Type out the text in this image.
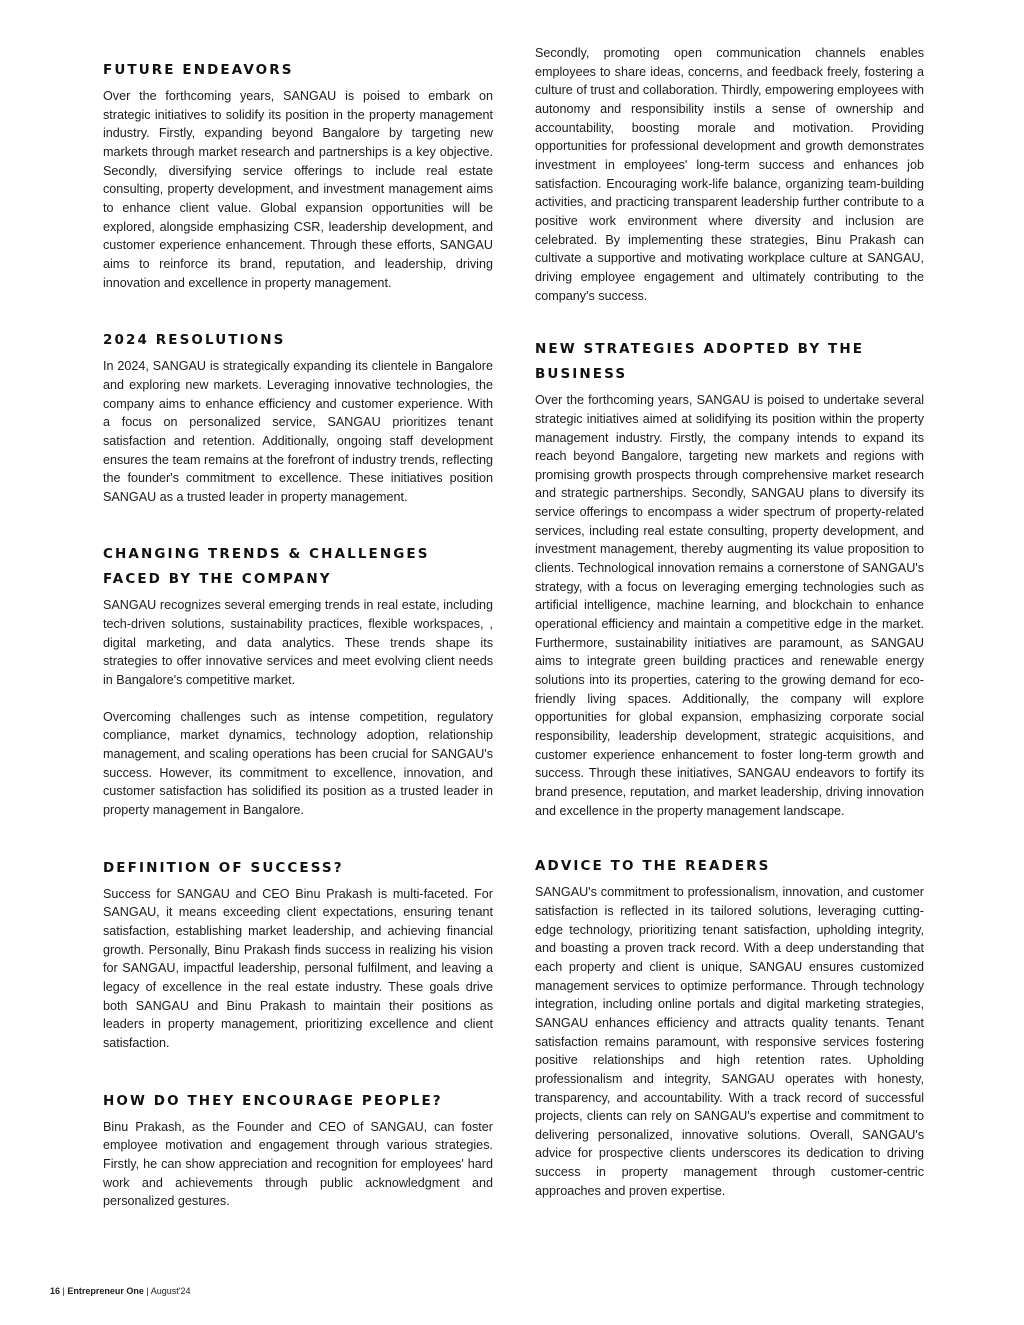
FUTURE ENDEAVORS

Over the forthcoming years, SANGAU is poised to embark on strategic initiatives to solidify its position in the property management industry. Firstly, expanding beyond Bangalore by targeting new markets through market research and partnerships is a key objective. Secondly, diversifying service offerings to include real estate consulting, property development, and investment management aims to enhance client value. Global expansion opportunities will be explored, alongside emphasizing CSR, leadership development, and customer experience enhancement. Through these efforts, SANGAU aims to reinforce its brand, reputation, and leadership, driving innovation and excellence in property management.

2024 RESOLUTIONS

In 2024, SANGAU is strategically expanding its clientele in Bangalore and exploring new markets. Leveraging innovative technologies, the company aims to enhance efficiency and customer experience. With a focus on personalized service, SANGAU prioritizes tenant satisfaction and retention. Additionally, ongoing staff development ensures the team remains at the forefront of industry trends, reflecting the founder's commitment to excellence. These initiatives position SANGAU as a trusted leader in property management.

CHANGING TRENDS & CHALLENGES FACED BY THE COMPANY

SANGAU recognizes several emerging trends in real estate, including tech-driven solutions, sustainability practices, flexible workspaces, , digital marketing, and data analytics. These trends shape its strategies to offer innovative services and meet evolving client needs in Bangalore's competitive market.

Overcoming challenges such as intense competition, regulatory compliance, market dynamics, technology adoption, relationship management, and scaling operations has been crucial for SANGAU's success. However, its commitment to excellence, innovation, and customer satisfaction has solidified its position as a trusted leader in property management in Bangalore.

DEFINITION OF SUCCESS?

Success for SANGAU and CEO Binu Prakash is multi-faceted. For SANGAU, it means exceeding client expectations, ensuring tenant satisfaction, establishing market leadership, and achieving financial growth. Personally, Binu Prakash finds success in realizing his vision for SANGAU, impactful leadership, personal fulfilment, and leaving a legacy of excellence in the real estate industry. These goals drive both SANGAU and Binu Prakash to maintain their positions as leaders in property management, prioritizing excellence and client satisfaction.

HOW DO THEY ENCOURAGE PEOPLE?

Binu Prakash, as the Founder and CEO of SANGAU, can foster employee motivation and engagement through various strategies. Firstly, he can show appreciation and recognition for employees' hard work and achievements through public acknowledgment and personalized gestures.

Secondly, promoting open communication channels enables employees to share ideas, concerns, and feedback freely, fostering a culture of trust and collaboration. Thirdly, empowering employees with autonomy and responsibility instils a sense of ownership and accountability, boosting morale and motivation. Providing opportunities for professional development and growth demonstrates investment in employees' long-term success and enhances job satisfaction. Encouraging work-life balance, organizing team-building activities, and practicing transparent leadership further contribute to a positive work environment where diversity and inclusion are celebrated. By implementing these strategies, Binu Prakash can cultivate a supportive and motivating workplace culture at SANGAU, driving employee engagement and ultimately contributing to the company's success.

NEW STRATEGIES ADOPTED BY THE BUSINESS

Over the forthcoming years, SANGAU is poised to undertake several strategic initiatives aimed at solidifying its position within the property management industry. Firstly, the company intends to expand its reach beyond Bangalore, targeting new markets and regions with promising growth prospects through comprehensive market research and strategic partnerships. Secondly, SANGAU plans to diversify its service offerings to encompass a wider spectrum of property-related services, including real estate consulting, property development, and investment management, thereby augmenting its value proposition to clients. Technological innovation remains a cornerstone of SANGAU's strategy, with a focus on leveraging emerging technologies such as artificial intelligence, machine learning, and blockchain to enhance operational efficiency and maintain a competitive edge in the market. Furthermore, sustainability initiatives are paramount, as SANGAU aims to integrate green building practices and renewable energy solutions into its properties, catering to the growing demand for eco-friendly living spaces. Additionally, the company will explore opportunities for global expansion, emphasizing corporate social responsibility, leadership development, strategic acquisitions, and customer experience enhancement to foster long-term growth and success. Through these initiatives, SANGAU endeavors to fortify its brand presence, reputation, and market leadership, driving innovation and excellence in the property management landscape.

ADVICE TO THE READERS

SANGAU's commitment to professionalism, innovation, and customer satisfaction is reflected in its tailored solutions, leveraging cutting-edge technology, prioritizing tenant satisfaction, upholding integrity, and boasting a proven track record. With a deep understanding that each property and client is unique, SANGAU ensures customized management services to optimize performance. Through technology integration, including online portals and digital marketing strategies, SANGAU enhances efficiency and attracts quality tenants. Tenant satisfaction remains paramount, with responsive services fostering positive relationships and high retention rates. Upholding professionalism and integrity, SANGAU operates with honesty, transparency, and accountability. With a track record of successful projects, clients can rely on SANGAU's expertise and commitment to delivering personalized, innovative solutions. Overall, SANGAU's advice for prospective clients underscores its dedication to driving success in property management through customer-centric approaches and proven expertise.

16 | Entrepreneur One | August'24
